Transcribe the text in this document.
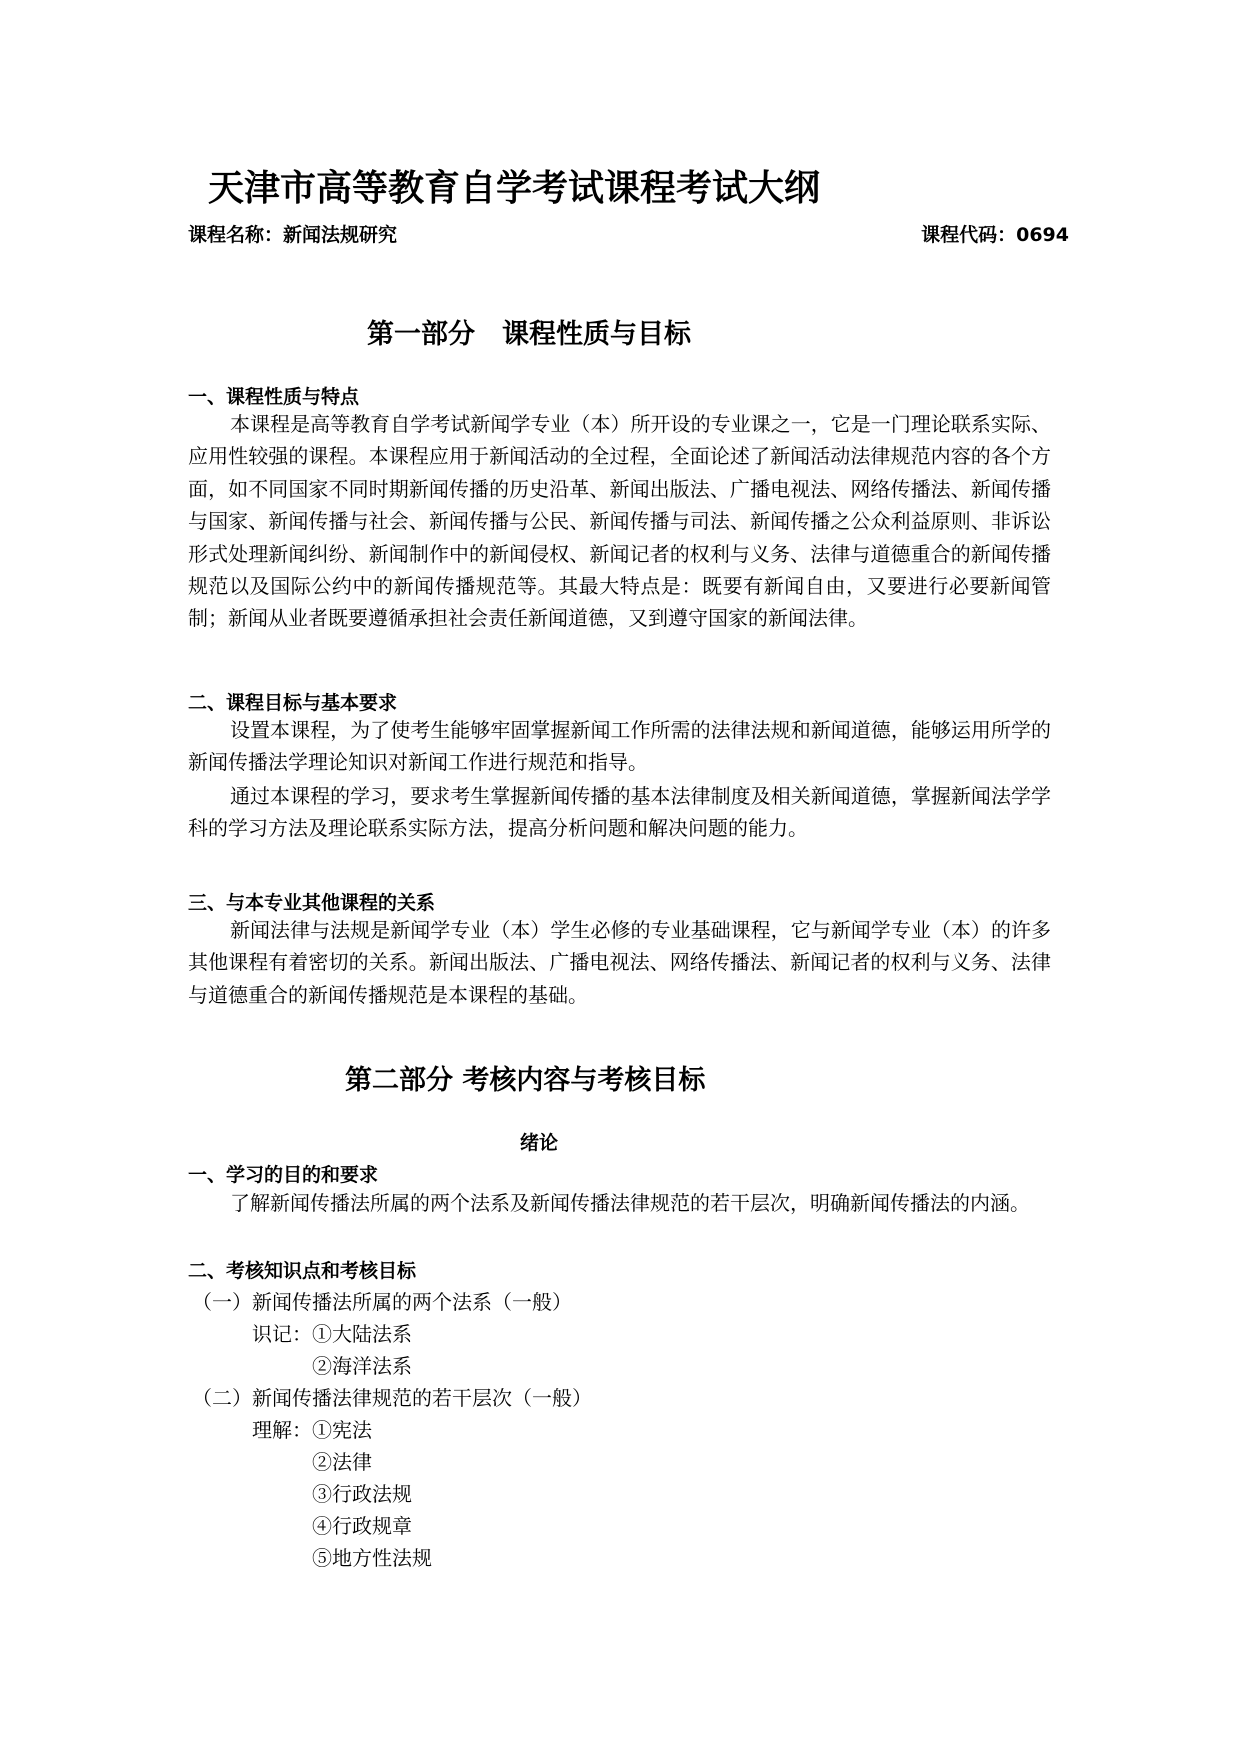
天津市高等教育自学考试课程考试大纲
课程名称：新闻法规研究	课程代码：0694
第一部分　课程性质与目标
一、课程性质与特点
本课程是高等教育自学考试新闻学专业（本）所开设的专业课之一，它是一门理论联系实际、应用性较强的课程。本课程应用于新闻活动的全过程，全面论述了新闻活动法律规范内容的各个方面，如不同国家不同时期新闻传播的历史沿革、新闻出版法、广播电视法、网络传播法、新闻传播与国家、新闻传播与社会、新闻传播与公民、新闻传播与司法、新闻传播之公众利益原则、非诉讼形式处理新闻纠纷、新闻制作中的新闻侵权、新闻记者的权利与义务、法律与道德重合的新闻传播规范以及国际公约中的新闻传播规范等。其最大特点是：既要有新闻自由，又要进行必要新闻管制；新闻从业者既要遵循承担社会责任新闻道德，又到遵守国家的新闻法律。
二、课程目标与基本要求
设置本课程，为了使考生能够牢固掌握新闻工作所需的法律法规和新闻道德，能够运用所学的新闻传播法学理论知识对新闻工作进行规范和指导。
通过本课程的学习，要求考生掌握新闻传播的基本法律制度及相关新闻道德，掌握新闻法学学科的学习方法及理论联系实际方法，提高分析问题和解决问题的能力。
三、与本专业其他课程的关系
新闻法律与法规是新闻学专业（本）学生必修的专业基础课程，它与新闻学专业（本）的许多其他课程有着密切的关系。新闻出版法、广播电视法、网络传播法、新闻记者的权利与义务、法律与道德重合的新闻传播规范是本课程的基础。
第二部分 考核内容与考核目标
绪论
一、学习的目的和要求
了解新闻传播法所属的两个法系及新闻传播法律规范的若干层次，明确新闻传播法的内涵。
二、考核知识点和考核目标
（一）新闻传播法所属的两个法系（一般）
识记： ①大陆法系
②海洋法系
（二）新闻传播法律规范的若干层次（一般）
理解： ①宪法
②法律
③行政法规
④行政规章
⑤地方性法规
